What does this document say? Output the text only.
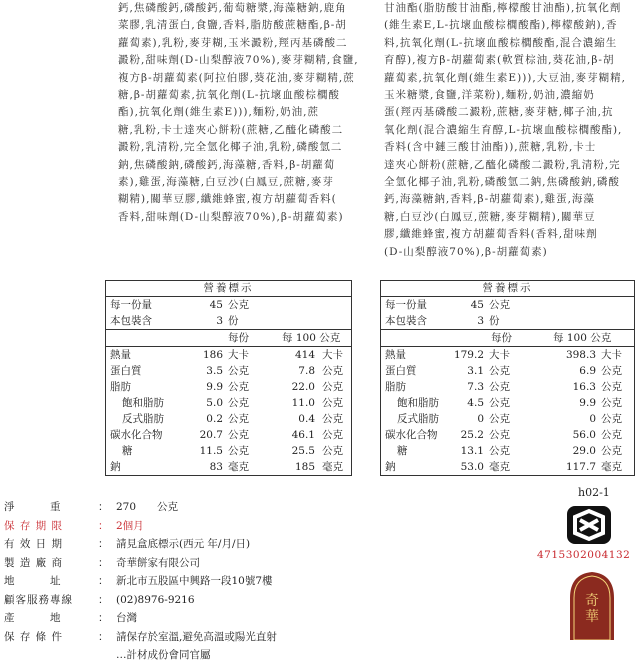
鈣,焦磷酸鈣,磷酸鈣,葡萄糖漿,海藻糖鈉,鹿角
菜膠,乳清蛋白,食鹽,香料,脂肪酸蔗糖酯,β-胡
蘿蔔素),乳粉,麥芽糊,玉米澱粉,羥丙基磷酸二
澱粉,甜味劑(D-山梨醇液70%),麥芽糊精,食鹽,
複方β-胡蘿蔔素(阿拉伯膠,葵花油,麥芽糊精,蔗
糖,β-胡蘿蔔素,抗氧化劑(L-抗壞血酸棕櫚酸
酯),抗氧化劑(維生素E))),麵粉,奶油,蔗
糖,乳粉,卡士達夾心餅粉(蔗糖,乙醯化磷酸二
澱粉,乳清粉,完全氫化椰子油,乳粉,磷酸氫二
鈉,焦磷酸鈉,磷酸鈣,海藻糖,香料,β-胡蘿蔔
素),雞蛋,海藻糖,白豆沙(白鳳豆,蔗糖,麥芽
糊精),關華豆膠,纖維蜂蜜,複方胡蘿蔔香料(
香料,甜味劑(D-山梨醇液70%),β-胡蘿蔔素)
甘油酯(脂肪酸甘油酯,檸檬酸甘油酯),抗氧化劑
(維生素E,L-抗壞血酸棕櫚酸酯),檸檬酸鈉),香
料,抗氧化劑(L-抗壞血酸棕櫚酸酯,混合濃縮生
育醇),複方β-胡蘿蔔素(軟質棕油,葵花油,β-胡
蘿蔔素,抗氧化劑(維生素E))),大豆油,麥芽糊精,
玉米糖漿,食鹽,洋菜粉),麵粉,奶油,濃縮奶
蛋(羥丙基磷酸二澱粉,蔗糖,麥芽糖,椰子油,抗
氧化劑(混合濃縮生育醇,L-抗壞血酸棕櫚酸酯),
香料(含中鏈三酸甘油酯)),蔗糖,乳粉,卡士
達夾心餅粉(蔗糖,乙醯化磷酸二澱粉,乳清粉,完
全氫化椰子油,乳粉,磷酸氫二鈉,焦磷酸鈉,磷酸
鈣,海藻糖鈉,香料,β-胡蘿蔔素),雞蛋,海藻
糖,白豆沙(白鳳豆,蔗糖,麥芽糊精),關華豆
膠,纖維蜂蜜,複方胡蘿蔔香料(香料,甜味劑
(D-山梨醇液70%),β-胡蘿蔔素)
營養標示
每一份量	45 公克
本包裝含	3 份
每份	每 100 公克
熱量	186 大卡	414 大卡
蛋白質	3.5 公克	7.8 公克
脂肪	9.9 公克	22.0 公克
飽和脂肪	5.0 公克	11.0 公克
反式脂肪	0.2 公克	0.4 公克
碳水化合物	20.7 公克	46.1 公克
糖	11.5 公克	25.5 公克
鈉	83 毫克	185 毫克
營養標示
每一份量	45 公克
本包裝含	3 份
每份	每 100 公克
熱量	179.2 大卡	398.3 大卡
蛋白質	3.1 公克	6.9 公克
脂肪	7.3 公克	16.3 公克
飽和脂肪	4.5 公克	9.9 公克
反式脂肪	0 公克	0 公克
碳水化合物 25.2 公克	56.0 公克
糖	13.1 公克	29.0 公克
鈉	53.0 毫克	117.7 毫克
h02-1
淨　　　重	： 270　　公克
保 存 期 限	： 2個月
有 效 日 期	： 請見盒底標示(西元 年/月/日)
製 造 廠 商	： 奇華餅家有限公司
地　　　址	： 新北市五股區中興路一段10號7樓
顧客服務專線	： (02)8976-9216
產　　　地	： 台灣
保 存 條 件	： 請保存於室溫,避免高溫或陽光直射
…計材成份會同官屬
4715302004132
奇
華
